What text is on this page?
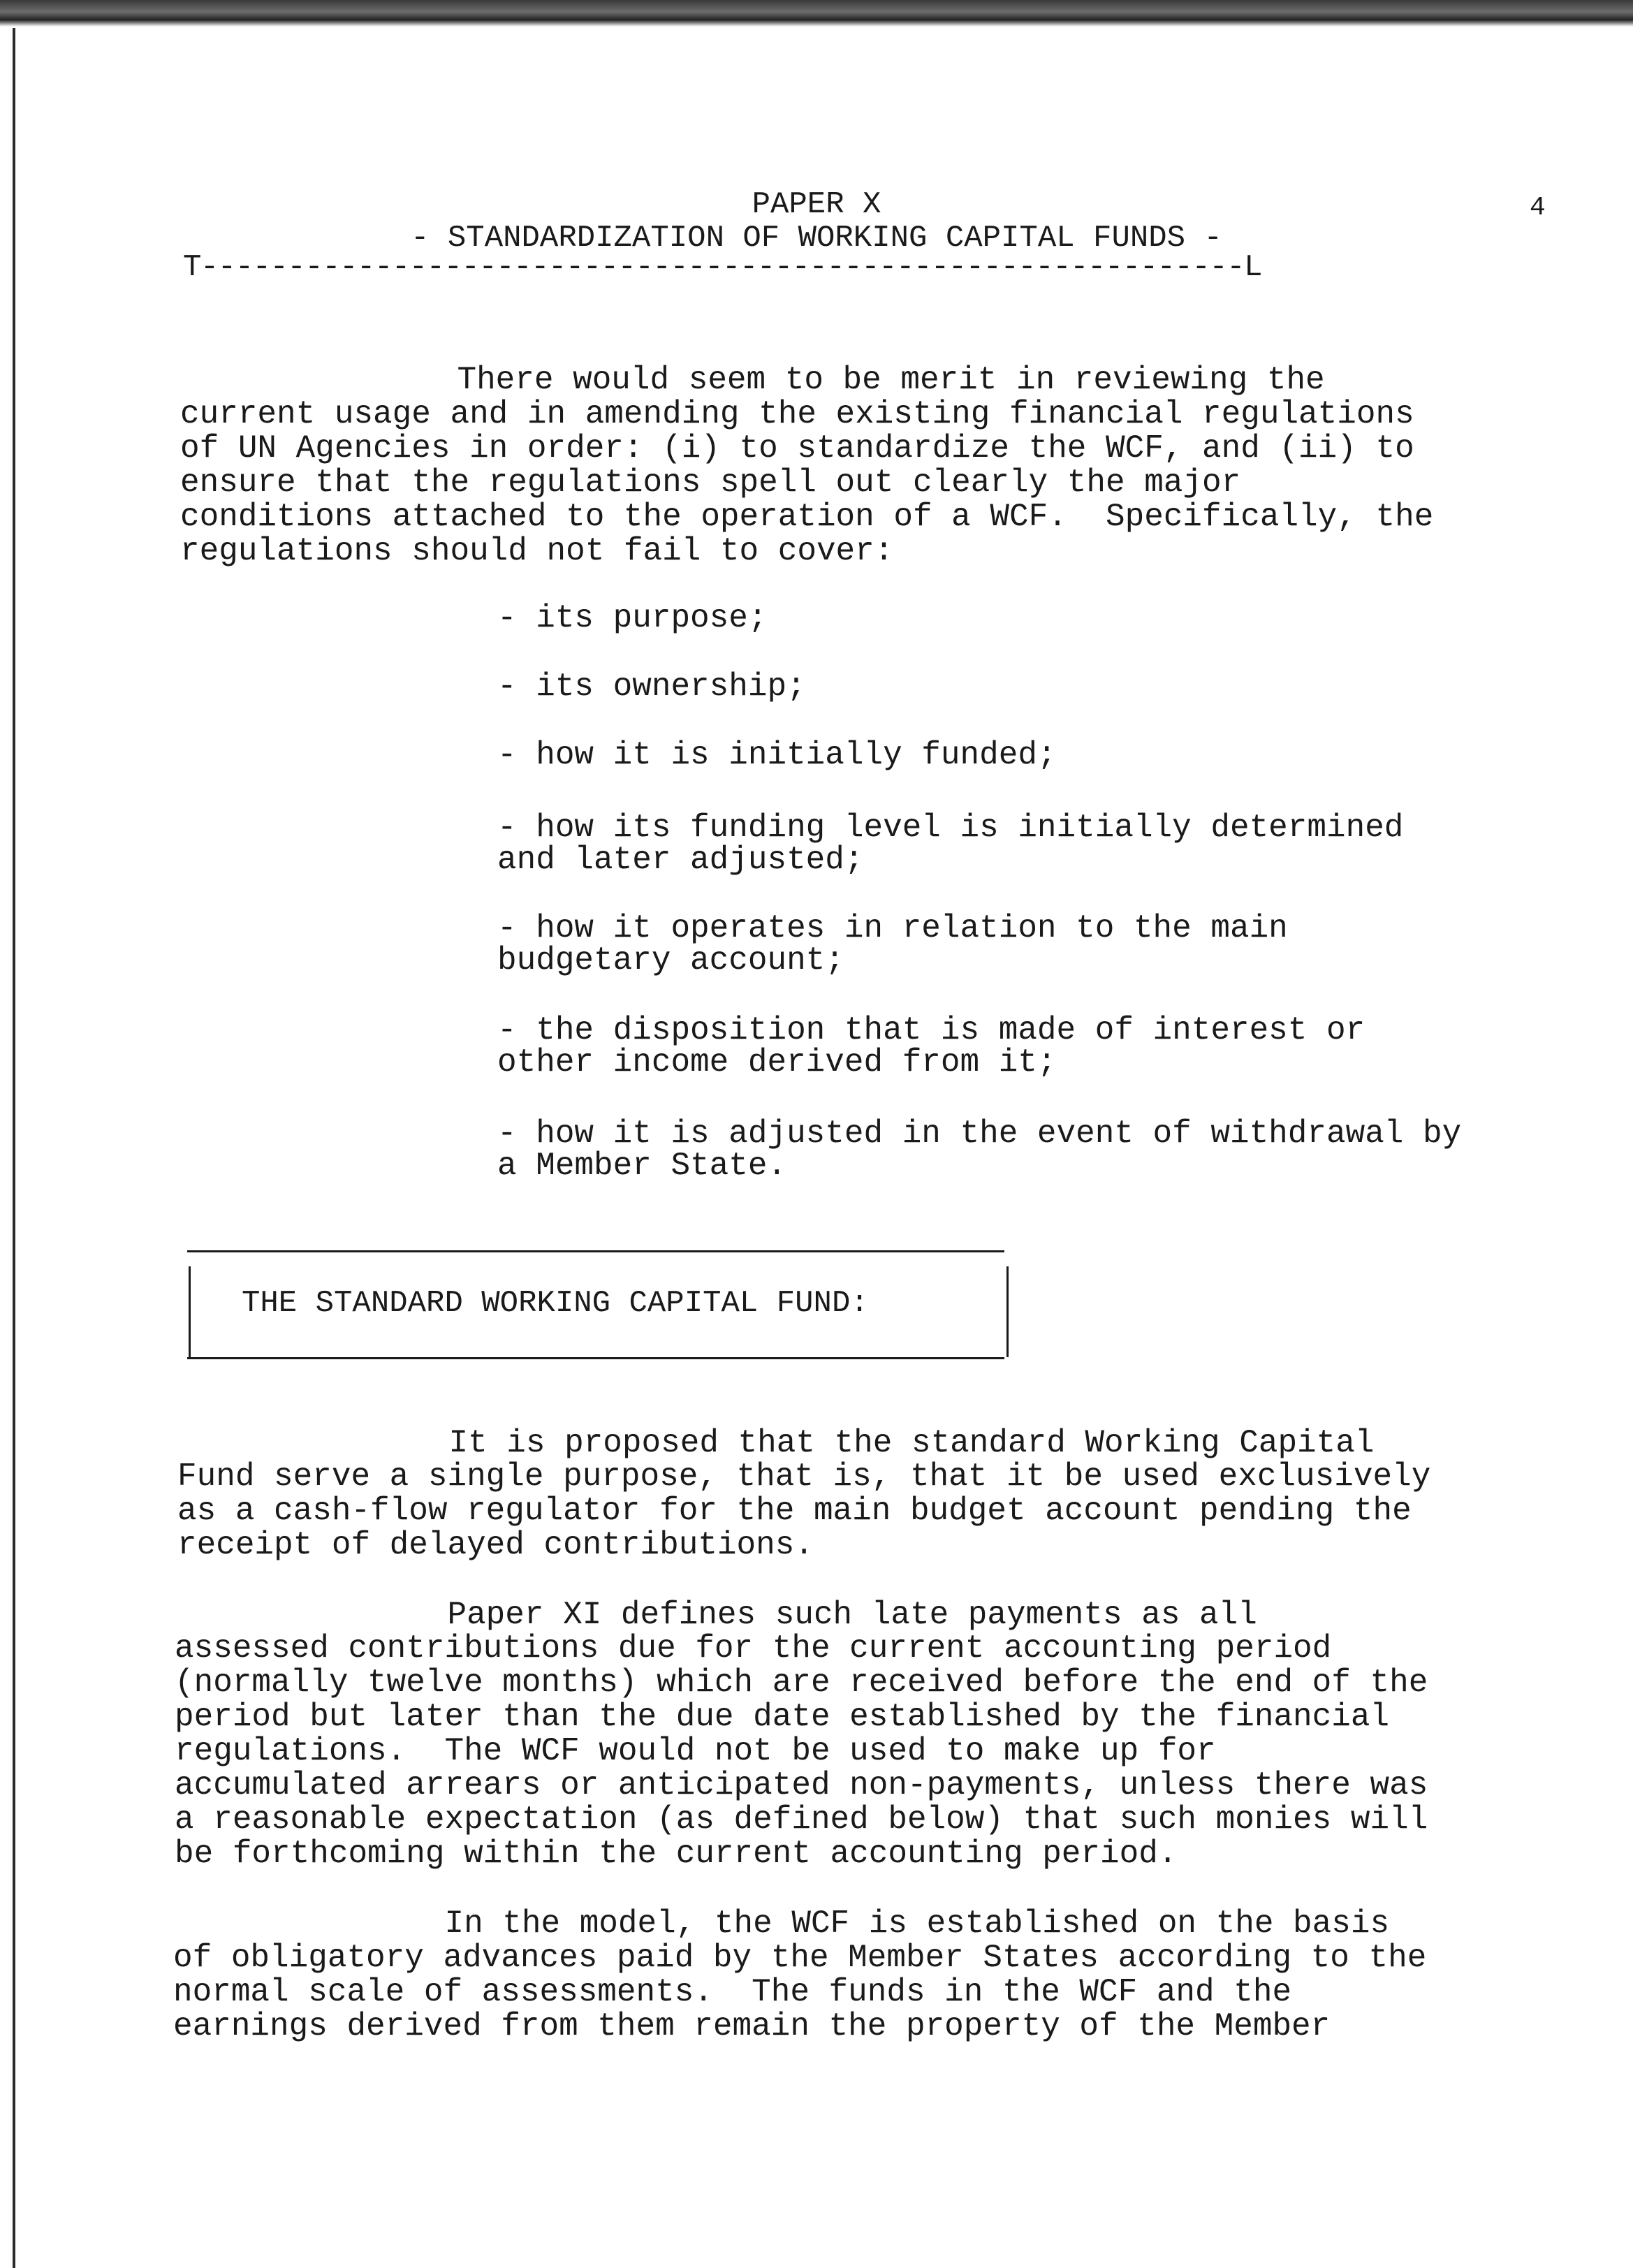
PAPER X
- STANDARDIZATION OF WORKING CAPITAL FUNDS -
4
T------------------------------------------------------------L
There would seem to be merit in reviewing the
current usage and in amending the existing financial regulations
of UN Agencies in order: (i) to standardize the WCF, and (ii) to
ensure that the regulations spell out clearly the major
conditions attached to the operation of a WCF.  Specifically, the
regulations should not fail to cover:
- its purpose;
- its ownership;
- how it is initially funded;
- how its funding level is initially determined
and later adjusted;
- how it operates in relation to the main
budgetary account;
- the disposition that is made of interest or
other income derived from it;
- how it is adjusted in the event of withdrawal by
a Member State.
THE STANDARD WORKING CAPITAL FUND:
It is proposed that the standard Working Capital
Fund serve a single purpose, that is, that it be used exclusively
as a cash-flow regulator for the main budget account pending the
receipt of delayed contributions.
Paper XI defines such late payments as all
assessed contributions due for the current accounting period
(normally twelve months) which are received before the end of the
period but later than the due date established by the financial
regulations.  The WCF would not be used to make up for
accumulated arrears or anticipated non-payments, unless there was
a reasonable expectation (as defined below) that such monies will
be forthcoming within the current accounting period.
In the model, the WCF is established on the basis
of obligatory advances paid by the Member States according to the
normal scale of assessments.  The funds in the WCF and the
earnings derived from them remain the property of the Member
